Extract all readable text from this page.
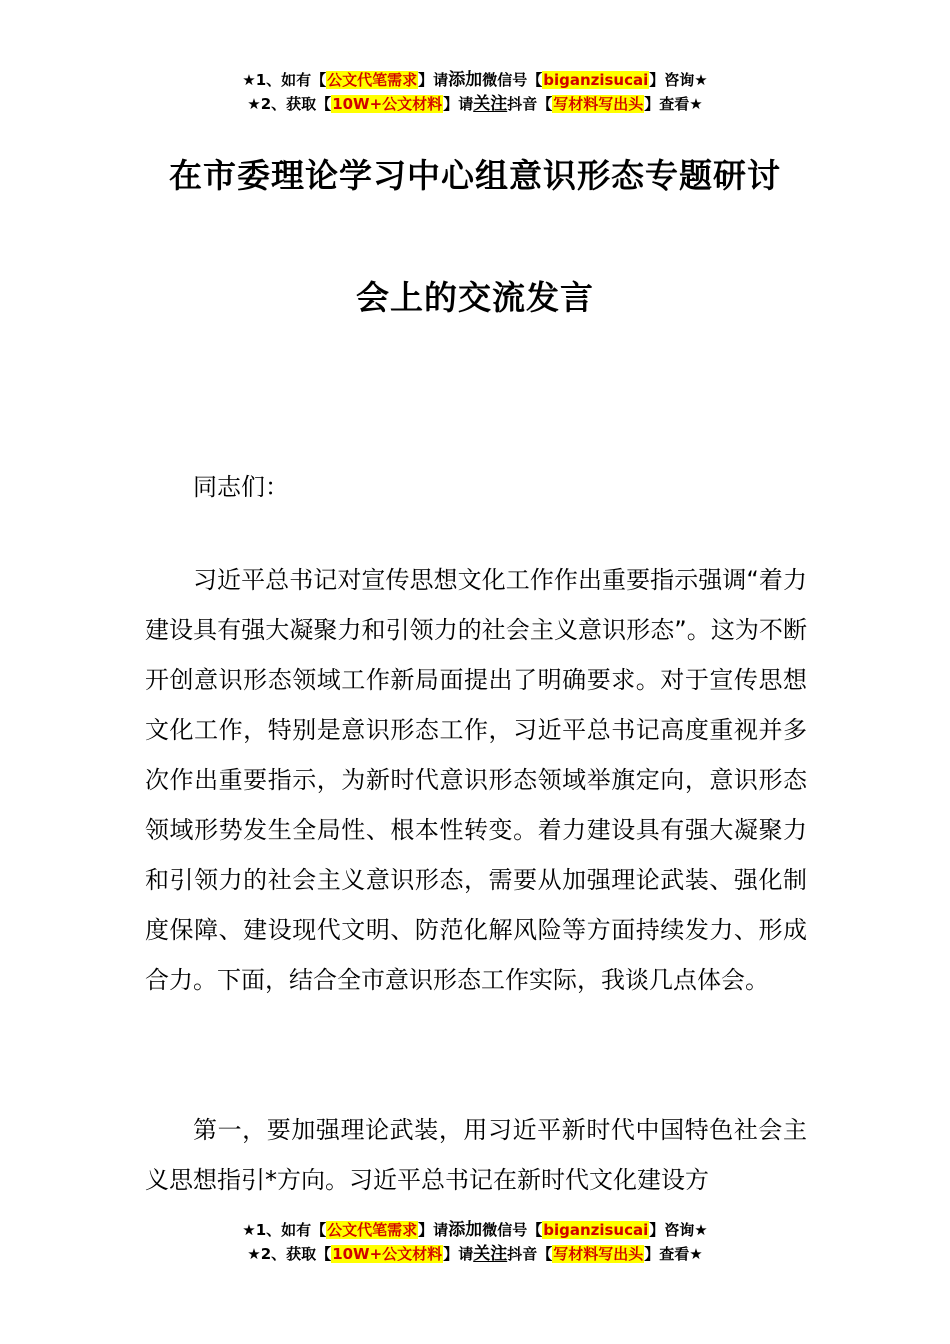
★1、如有【公文代笔需求】请添加微信号【biganzisucai】咨询★
★2、获取【10W+公文材料】请关注抖音【写材料写出头】查看★
在市委理论学习中心组意识形态专题研讨
会上的交流发言

同志们：

习近平总书记对宣传思想文化工作作出重要指示强调“着力建设具有强大凝聚力和引领力的社会主义意识形态”。这为不断开创意识形态领域工作新局面提出了明确要求。对于宣传思想文化工作，特别是意识形态工作，习近平总书记高度重视并多次作出重要指示，为新时代意识形态领域举旗定向，意识形态领域形势发生全局性、根本性转变。着力建设具有强大凝聚力和引领力的社会主义意识形态，需要从加强理论武装、强化制度保障、建设现代文明、防范化解风险等方面持续发力、形成合力。下面，结合全市意识形态工作实际，我谈几点体会。

第一，要加强理论武装，用习近平新时代中国特色社会主义思想指引*方向。习近平总书记在新时代文化建设方

★1、如有【公文代笔需求】请添加微信号【biganzisucai】咨询★
★2、获取【10W+公文材料】请关注抖音【写材料写出头】查看★
